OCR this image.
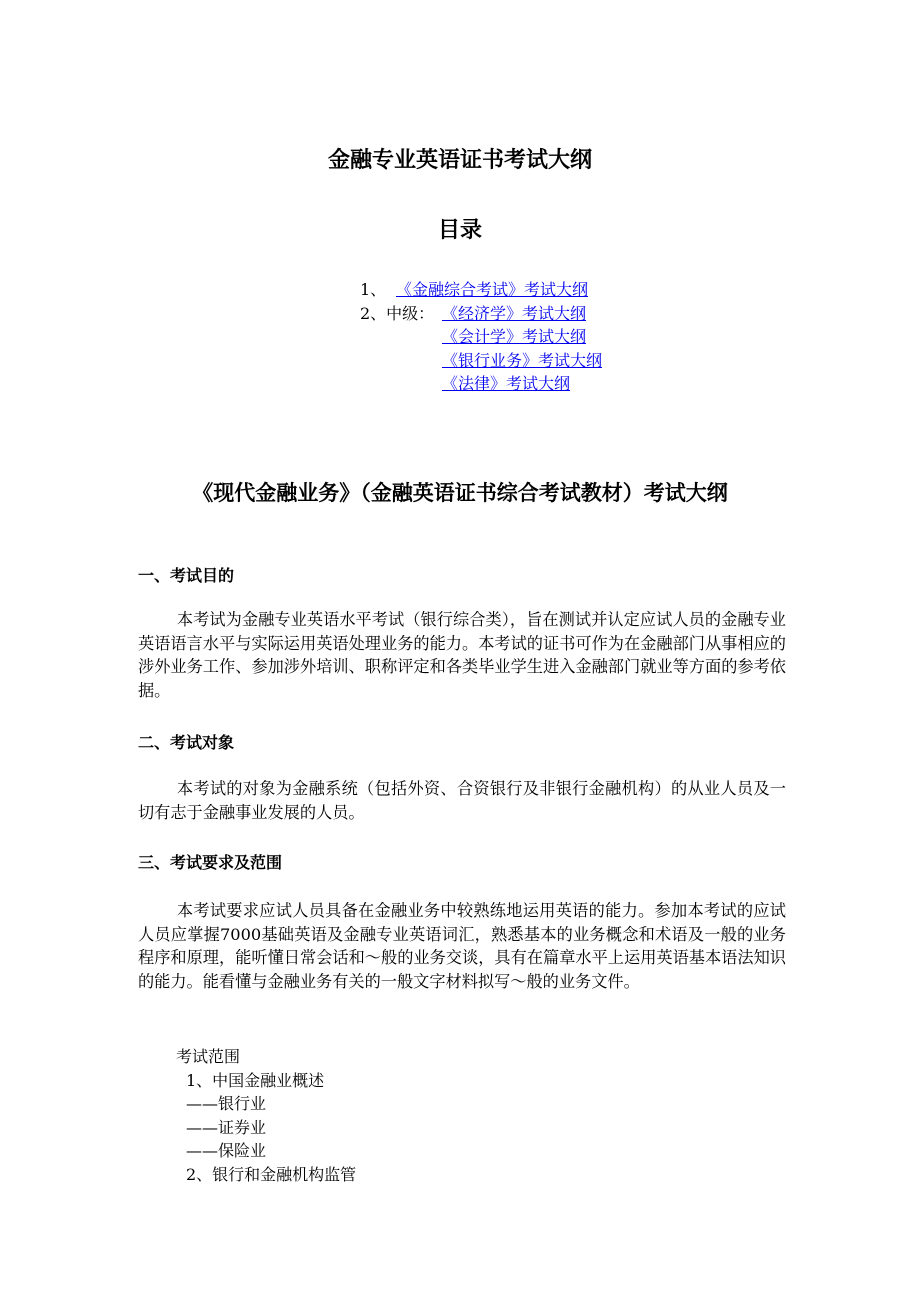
金融专业英语证书考试大纲
目录
1、 《金融综合考试》考试大纲
2、中级： 《经济学》考试大纲
《会计学》考试大纲
《银行业务》考试大纲
《法律》考试大纲
《现代金融业务》（金融英语证书综合考试教材）考试大纲
一、考试目的
本考试为金融专业英语水平考试（银行综合类），旨在测试并认定应试人员的金融专业英语语言水平与实际运用英语处理业务的能力。本考试的证书可作为在金融部门从事相应的涉外业务工作、参加涉外培训、职称评定和各类毕业学生进入金融部门就业等方面的参考依据。
二、考试对象
本考试的对象为金融系统（包括外资、合资银行及非银行金融机构）的从业人员及一切有志于金融事业发展的人员。
三、考试要求及范围
本考试要求应试人员具备在金融业务中较熟练地运用英语的能力。参加本考试的应试人员应掌握7000基础英语及金融专业英语词汇，熟悉基本的业务概念和术语及一般的业务程序和原理，能听懂日常会话和～般的业务交谈，具有在篇章水平上运用英语基本语法知识的能力。能看懂与金融业务有关的一般文字材料拟写～般的业务文件。
考试范围
1、中国金融业概述
——银行业
——证券业
——保险业
2、银行和金融机构监管
